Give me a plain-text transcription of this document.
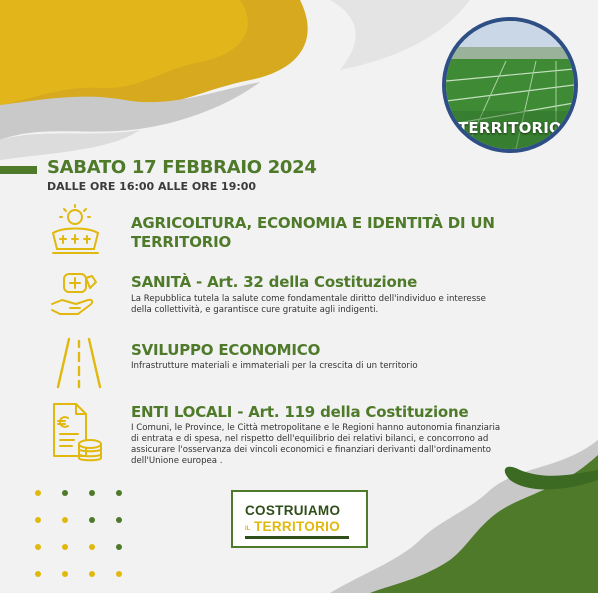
TERRITORIO
SABATO 17 FEBBRAIO 2024
DALLE ORE 16:00 ALLE ORE 19:00
AGRICOLTURA, ECONOMIA E IDENTITÀ DI UN
TERRITORIO
SANITÀ - Art. 32 della Costituzione
La Repubblica tutela la salute come fondamentale diritto dell'individuo e interesse
della collettività, e garantisce cure gratuite agli indigenti.
SVILUPPO ECONOMICO
Infrastrutture materiali e immateriali per la crescita di un territorio
ENTI LOCALI - Art. 119 della Costituzione
I Comuni, le Province, le Città metropolitane e le Regioni hanno autonomia finanziaria
di entrata e di spesa, nel rispetto dell'equilibrio dei relativi bilanci, e concorrono ad
assicurare l'osservanza dei vincoli economici e finanziari derivanti dall'ordinamento
dell'Unione europea .
COSTRUIAMO
IL TERRITORIO
